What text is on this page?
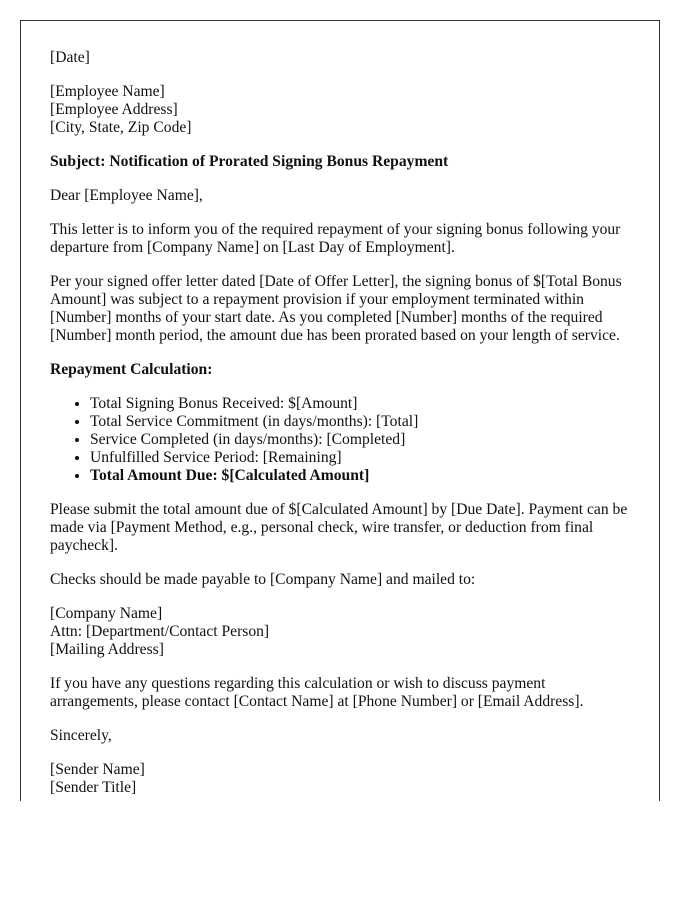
[Date]

[Employee Name]
[Employee Address]
[City, State, Zip Code]

Subject: Notification of Prorated Signing Bonus Repayment

Dear [Employee Name],

This letter is to inform you of the required repayment of your signing bonus following your departure from [Company Name] on [Last Day of Employment].

Per your signed offer letter dated [Date of Offer Letter], the signing bonus of $[Total Bonus Amount] was subject to a repayment provision if your employment terminated within [Number] months of your start date. As you completed [Number] months of the required [Number] month period, the amount due has been prorated based on your length of service.

Repayment Calculation:

• Total Signing Bonus Received: $[Amount]
• Total Service Commitment (in days/months): [Total]
• Service Completed (in days/months): [Completed]
• Unfulfilled Service Period: [Remaining]
• Total Amount Due: $[Calculated Amount]

Please submit the total amount due of $[Calculated Amount] by [Due Date]. Payment can be made via [Payment Method, e.g., personal check, wire transfer, or deduction from final paycheck].

Checks should be made payable to [Company Name] and mailed to:

[Company Name]
Attn: [Department/Contact Person]
[Mailing Address]

If you have any questions regarding this calculation or wish to discuss payment arrangements, please contact [Contact Name] at [Phone Number] or [Email Address].

Sincerely,

[Sender Name]
[Sender Title]
